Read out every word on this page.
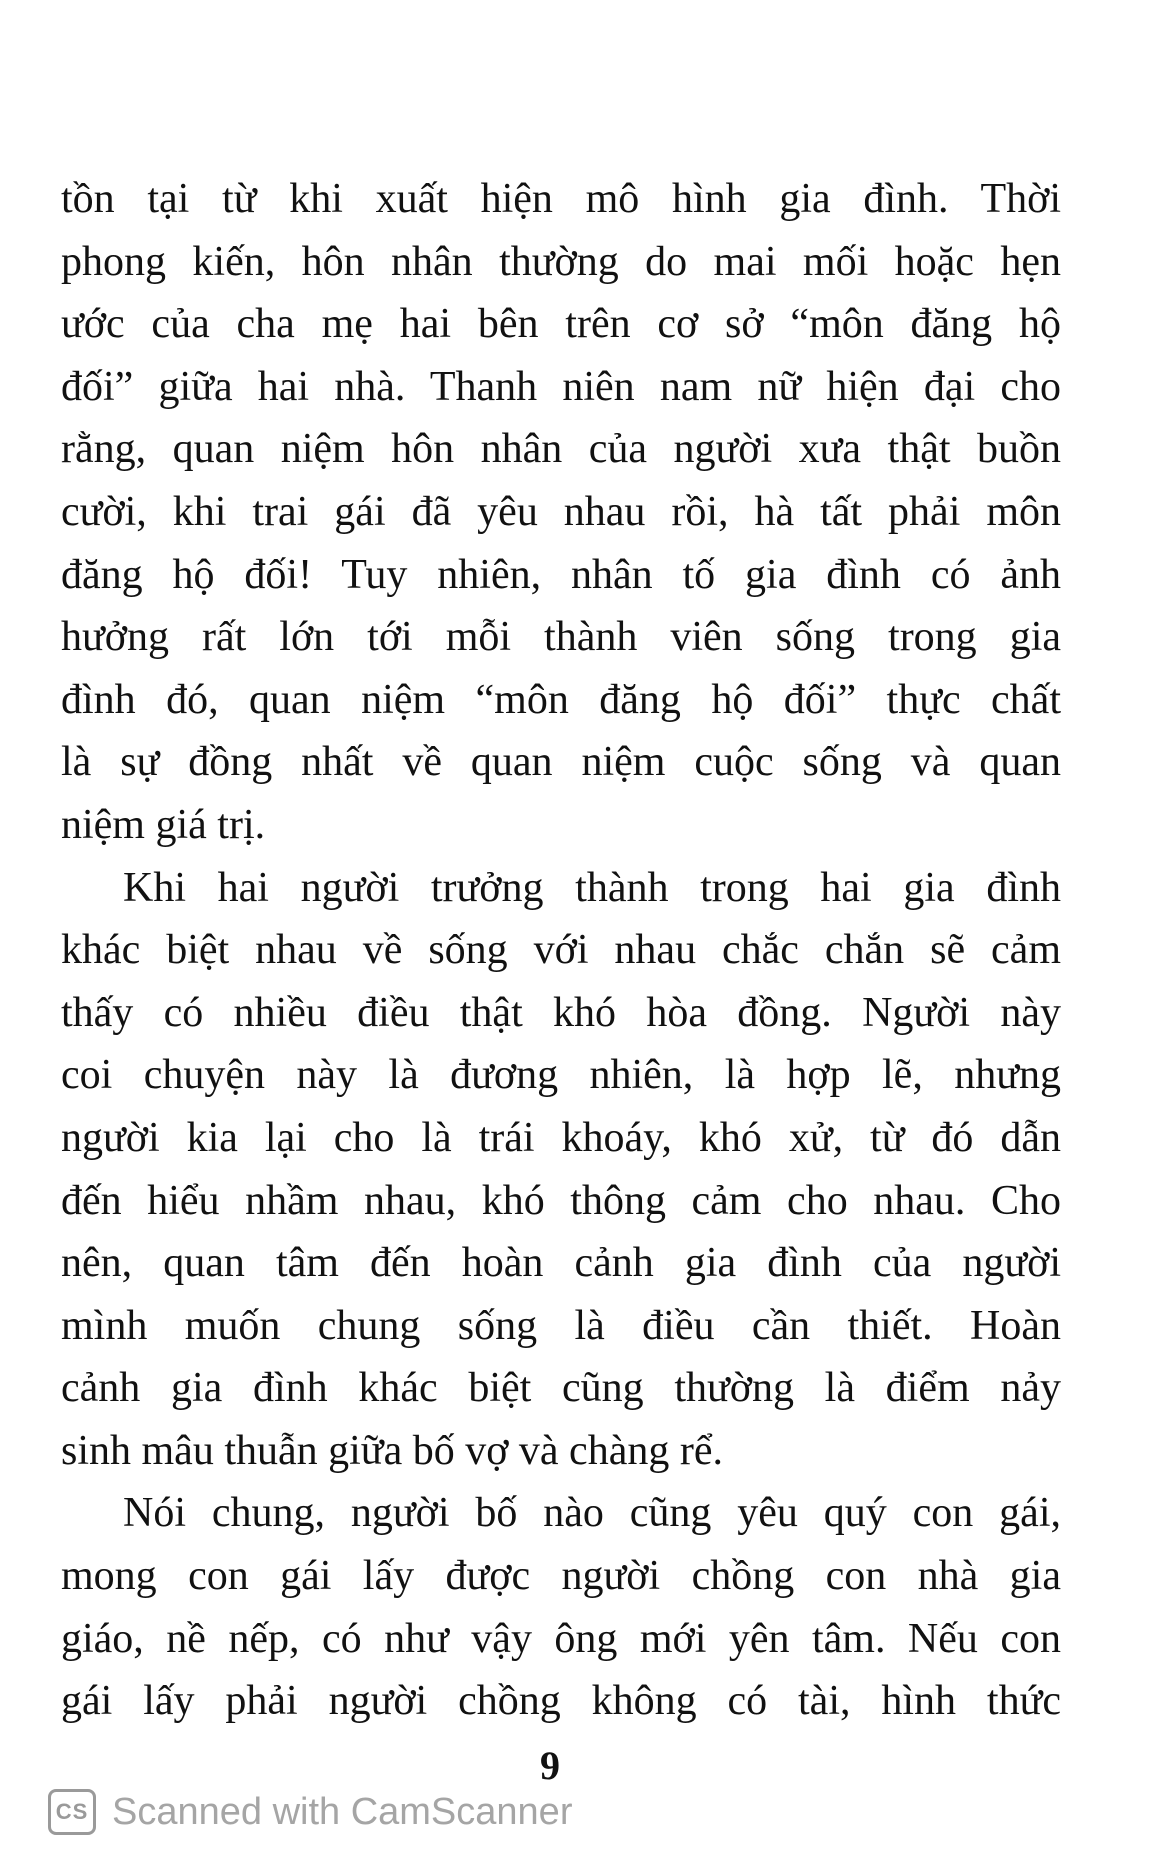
tồn tại từ khi xuất hiện mô hình gia đình. Thời
phong kiến, hôn nhân thường do mai mối hoặc hẹn
ước của cha mẹ hai bên trên cơ sở “môn đăng hộ
đối” giữa hai nhà. Thanh niên nam nữ hiện đại cho
rằng, quan niệm hôn nhân của người xưa thật buồn
cười, khi trai gái đã yêu nhau rồi, hà tất phải môn
đăng hộ đối! Tuy nhiên, nhân tố gia đình có ảnh
hưởng rất lớn tới mỗi thành viên sống trong gia
đình đó, quan niệm “môn đăng hộ đối” thực chất
là sự đồng nhất về quan niệm cuộc sống và quan
niệm giá trị.
Khi hai người trưởng thành trong hai gia đình
khác biệt nhau về sống với nhau chắc chắn sẽ cảm
thấy có nhiều điều thật khó hòa đồng. Người này
coi chuyện này là đương nhiên, là hợp lẽ, nhưng
người kia lại cho là trái khoáy, khó xử, từ đó dẫn
đến hiểu nhầm nhau, khó thông cảm cho nhau. Cho
nên, quan tâm đến hoàn cảnh gia đình của người
mình muốn chung sống là điều cần thiết. Hoàn
cảnh gia đình khác biệt cũng thường là điểm nảy
sinh mâu thuẫn giữa bố vợ và chàng rể.
Nói chung, người bố nào cũng yêu quý con gái,
mong con gái lấy được người chồng con nhà gia
giáo, nề nếp, có như vậy ông mới yên tâm. Nếu con
gái lấy phải người chồng không có tài, hình thức
9
CS Scanned with CamScanner
